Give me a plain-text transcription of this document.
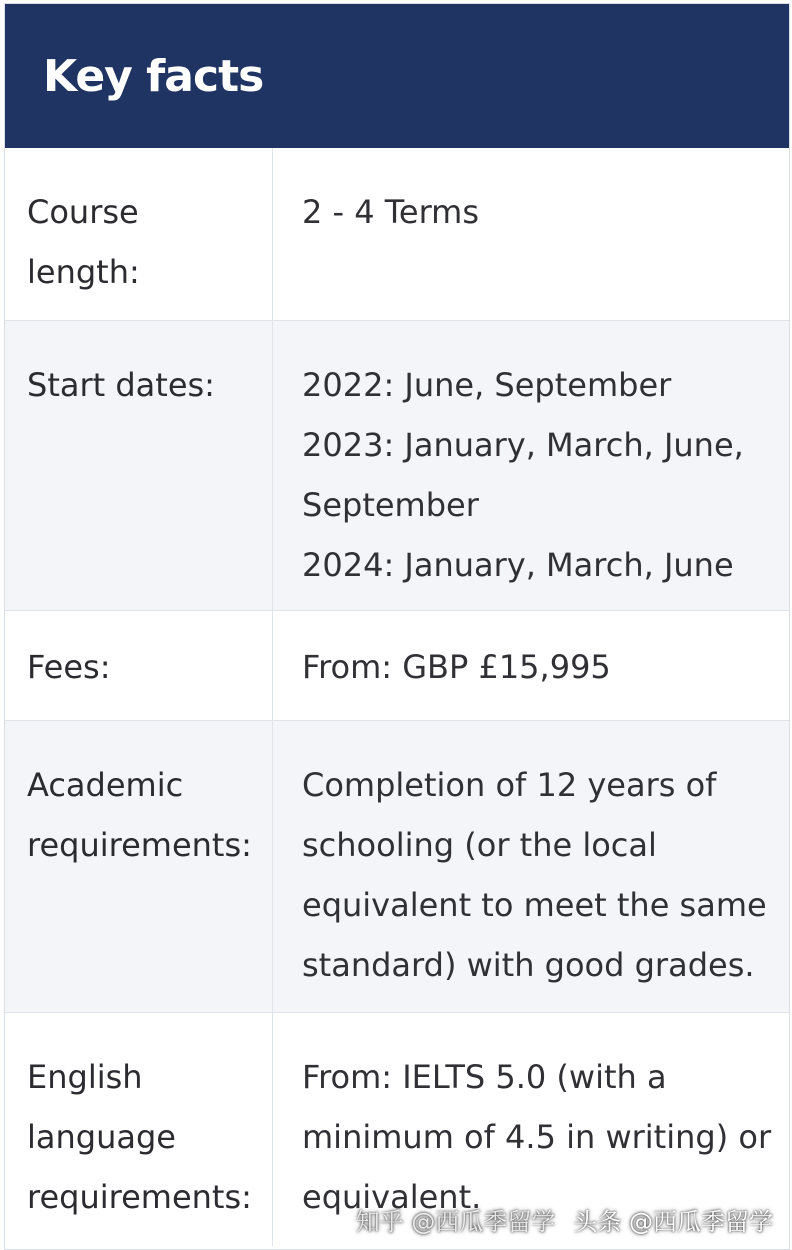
Key facts
Course
length:
2 - 4 Terms
Start dates:	2022: June, September
2023: January, March, June,
September
2024: January, March, June
Fees:	From: GBP £15,995
Academic
requirements:
Completion of 12 years of
schooling (or the local
equivalent to meet the same
standard) with good grades.
English
language
requirements:
From: IELTS 5.0 (with a
minimum of 4.5 in writing) or
equivalent.
知乎 @西瓜季留学 头条 @西瓜季留学
